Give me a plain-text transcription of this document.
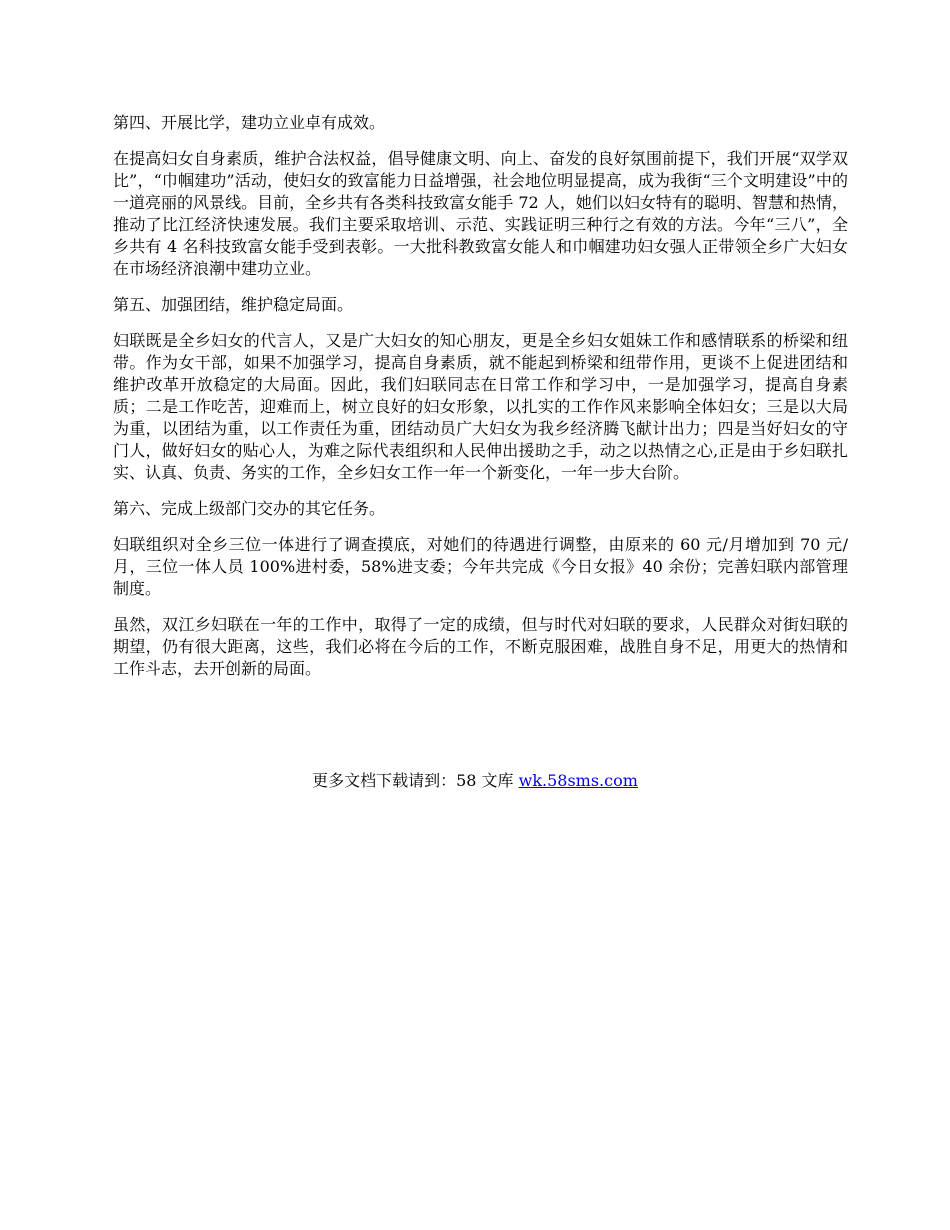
第四、开展比学，建功立业卓有成效。

在提高妇女自身素质，维护合法权益，倡导健康文明、向上、奋发的良好氛围前提下，我们开展“双学双比”，“巾帼建功”活动，使妇女的致富能力日益增强，社会地位明显提高，成为我街“三个文明建设”中的一道亮丽的风景线。目前，全乡共有各类科技致富女能手 72 人，她们以妇女特有的聪明、智慧和热情，推动了比江经济快速发展。我们主要采取培训、示范、实践证明三种行之有效的方法。今年“三八”，全乡共有 4 名科技致富女能手受到表彰。一大批科教致富女能人和巾帼建功妇女强人正带领全乡广大妇女在市场经济浪潮中建功立业。

第五、加强团结，维护稳定局面。

妇联既是全乡妇女的代言人，又是广大妇女的知心朋友，更是全乡妇女姐妹工作和感情联系的桥梁和纽带。作为女干部，如果不加强学习，提高自身素质，就不能起到桥梁和纽带作用，更谈不上促进团结和维护改革开放稳定的大局面。因此，我们妇联同志在日常工作和学习中，一是加强学习，提高自身素质；二是工作吃苦，迎难而上，树立良好的妇女形象，以扎实的工作作风来影响全体妇女；三是以大局为重，以团结为重，以工作责任为重，团结动员广大妇女为我乡经济腾飞献计出力；四是当好妇女的守门人，做好妇女的贴心人，为难之际代表组织和人民伸出援助之手，动之以热情之心,正是由于乡妇联扎实、认真、负责、务实的工作，全乡妇女工作一年一个新变化，一年一步大台阶。

第六、完成上级部门交办的其它任务。

妇联组织对全乡三位一体进行了调查摸底，对她们的待遇进行调整，由原来的 60 元/月增加到 70 元/月，三位一体人员 100%进村委，58%进支委；今年共完成《今日女报》40 余份；完善妇联内部管理制度。

虽然，双江乡妇联在一年的工作中，取得了一定的成绩，但与时代对妇联的要求，人民群众对街妇联的期望，仍有很大距离，这些，我们必将在今后的工作，不断克服困难，战胜自身不足，用更大的热情和工作斗志，去开创新的局面。

更多文档下载请到：58 文库 wk.58sms.com
